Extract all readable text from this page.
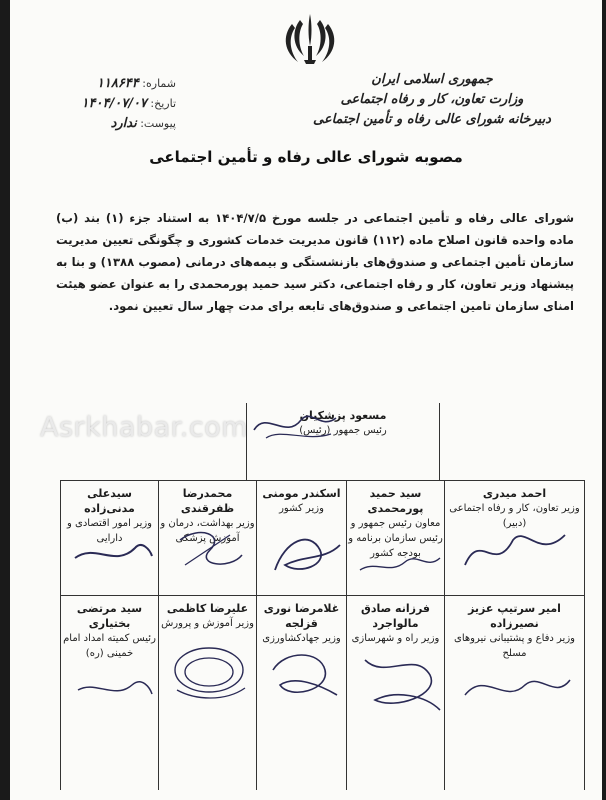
جمهوری اسلامی ایران
وزارت تعاون، کار و رفاه اجتماعی
دبیرخانه شورای عالی رفاه و تأمین اجتماعی
شماره: ۱۱۸۶۴۴
تاریخ: ۱۴۰۴/۰۷/۰۷
پیوست: ندارد
مصوبه شورای عالی رفاه و تأمین اجتماعی
شورای عالی رفاه و تأمین اجتماعی در جلسه مورخ ۱۴۰۴/۷/۵ به استناد جزء (۱) بند (ب) ماده واحده قانون اصلاح ماده (۱۱۲) قانون مدیریت خدمات کشوری و چگونگی تعیین مدیریت سازمان تأمین اجتماعی و صندوق‌های بازنشستگی و بیمه‌های درمانی (مصوب ۱۳۸۸) و بنا به پیشنهاد وزیر تعاون، کار و رفاه اجتماعی، دکتر سید حمید پورمحمدی را به عنوان عضو هیئت امنای سازمان تامین اجتماعی و صندوق‌های تابعه برای مدت چهار سال تعیین نمود.
مسعود پزشکیان
رئیس جمهور (رئیس)
احمد میدری
وزیر تعاون، کار و رفاه اجتماعی (دبیر)
سید حمید پورمحمدی
معاون رئیس جمهور و رئیس سازمان برنامه و بودجه کشور
اسکندر مومنی
وزیر کشور
محمدرضا ظفرقندی
وزیر بهداشت، درمان و آموزش پزشکی
سیدعلی مدنی‌زاده
وزیر امور اقتصادی و دارایی
امیر سرتیپ عزیز نصیرزاده
وزیر دفاع و پشتیبانی نیروهای مسلح
فرزانه صادق مالواجرد
وزیر راه و شهرسازی
غلامرضا نوری قزلجه
وزیر جهادکشاورزی
علیرضا کاظمی
وزیر آموزش و پرورش
سید مرتضی بختیاری
رئیس کمیته امداد امام خمینی (ره)
Asrkhabar.com
